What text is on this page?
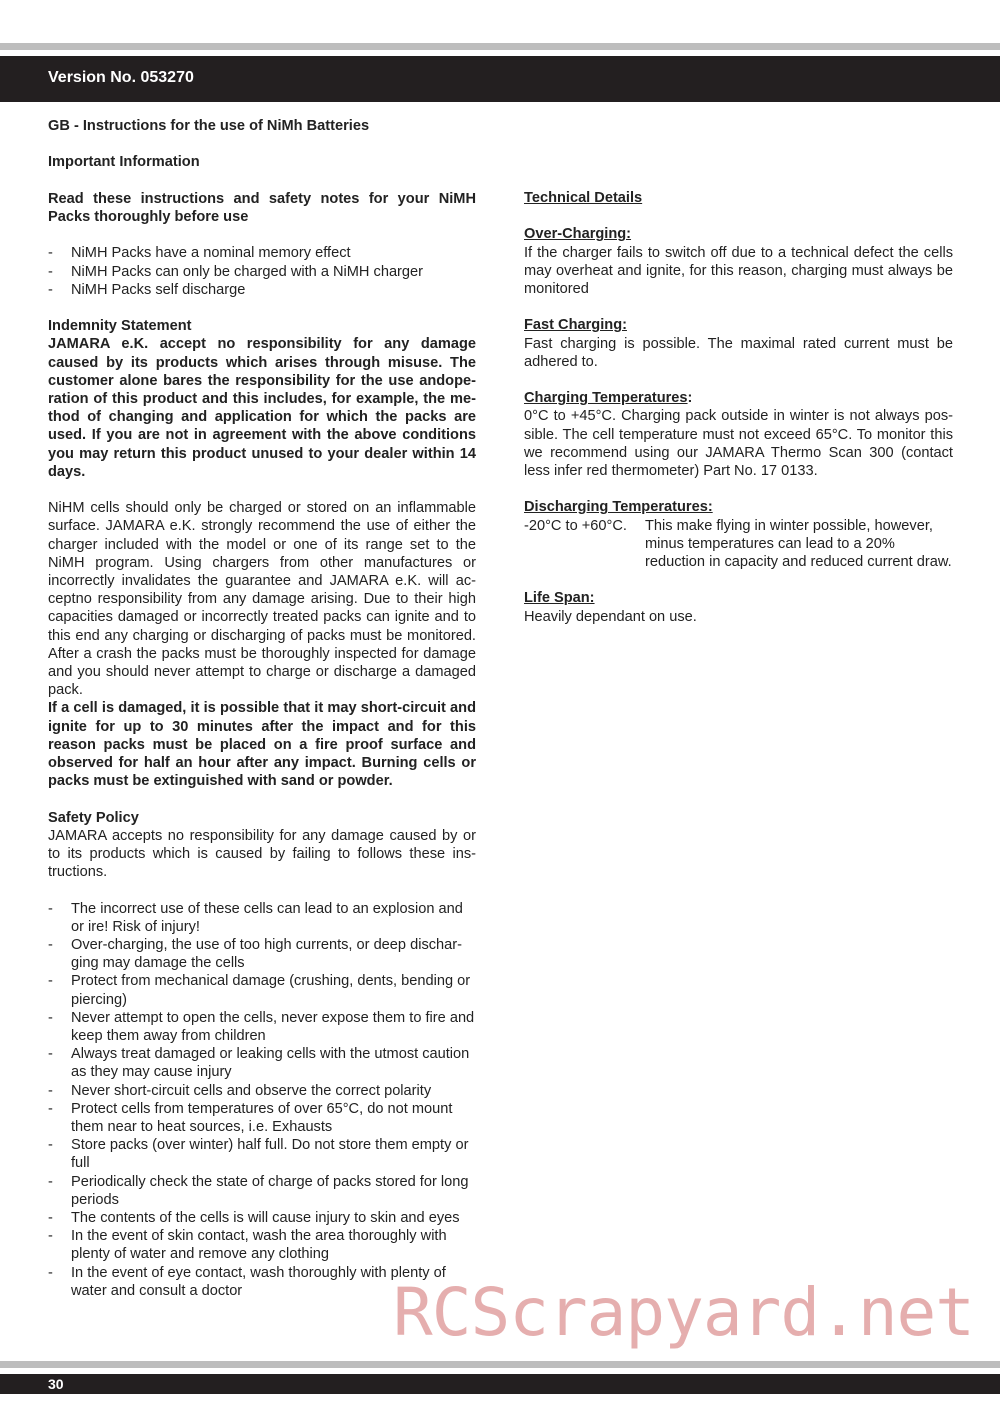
Version No. 053270

GB - Instructions for the use of NiMh Batteries

Important Information

Read these instructions and safety notes for your NiMH Packs thoroughly before use

- NiMH Packs have a nominal memory effect
- NiMH Packs can only be charged with a NiMH charger
- NiMH Packs self discharge

Indemnity Statement

JAMARA e.K. accept no responsibility for any damage caused by its products which arises through misuse. The customer alone bares the responsibility for the use andoperation of this product and this includes, for example, the method of changing and application for which the packs are used. If you are not in agreement with the above conditions you may return this product unused to your dealer within 14 days.

NiHM cells should only be charged or stored on an inflammable surface. JAMARA e.K. strongly recommend the use of either the charger included with the model or one of its range set to the NiMH program. Using chargers from other manufactures or incorrectly invalidates the guarantee and JAMARA e.K. will acceptno responsibility from any damage arising. Due to their high capacities damaged or incorrectly treated packs can ignite and to this end any charging or discharging of packs must be monitored. After a crash the packs must be thoroughly inspected for damage and you should never attempt to charge or discharge a damaged pack.

If a cell is damaged, it is possible that it may short-circuit and ignite for up to 30 minutes after the impact and for this reason packs must be placed on a fire proof surface and observed for half an hour after any impact. Burning cells or packs must be extinguished with sand or powder.

Safety Policy

JAMARA accepts no responsibility for any damage caused by or to its products which is caused by failing to follows these instructions.

- The incorrect use of these cells can lead to an explosion and or ire! Risk of injury!
- Over-charging, the use of too high currents, or deep discharging may damage the cells
- Protect from mechanical damage (crushing, dents, bending or piercing)
- Never attempt to open the cells, never expose them to fire and keep them away from children
- Always treat damaged or leaking cells with the utmost caution as they may cause injury
- Never short-circuit cells and observe the correct polarity
- Protect cells from temperatures of over 65°C, do not mount them near to heat sources, i.e. Exhausts
- Store packs (over winter) half full. Do not store them empty or full
- Periodically check the state of charge of packs stored for long periods
- The contents of the cells is will cause injury to skin and eyes
- In the event of skin contact, wash the area thoroughly with plenty of water and remove any clothing
- In the event of eye contact, wash thoroughly with plenty of water and consult a doctor

Technical Details

Over-Charging:

If the charger fails to switch off due to a technical defect the cells may overheat and ignite, for this reason, charging must always be monitored

Fast Charging:

Fast charging is possible. The maximal rated current must be adhered to.

Charging Temperatures:

0°C to +45°C. Charging pack outside in winter is not always possible. The cell temperature must not exceed 65°C. To monitor this we recommend using our JAMARA Thermo Scan 300 (contact less infer red thermometer) Part No. 17 0133.

Discharging Temperatures:

-20°C to +60°C.	This make flying in winter possible, however, minus temperatures can lead to a 20% reduction in capacity and reduced current draw.

Life Span:

Heavily dependant on use.

RCScrapyard.net
30
